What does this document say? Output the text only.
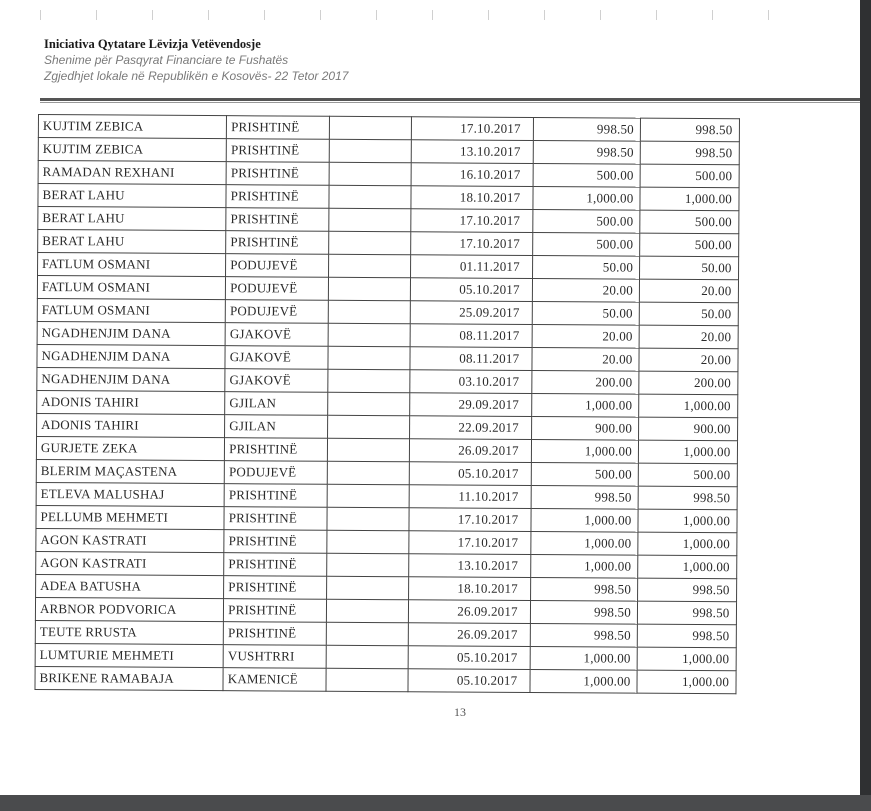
Iniciativa Qytatare Lëvizja Vetëvendosje
Shenime për Pasqyrat Financiare te Fushatës
Zgjedhjet lokale në Republikën e Kosovës- 22 Tetor 2017
KUJTIM ZEBICA	PRISHTINË		17.10.2017	998.50	998.50	
KUJTIM ZEBICA	PRISHTINË		13.10.2017	998.50	998.50	
RAMADAN REXHANI	PRISHTINË		16.10.2017	500.00	500.00	
BERAT LAHU	PRISHTINË		18.10.2017	1,000.00	1,000.00	
BERAT LAHU	PRISHTINË		17.10.2017	500.00	500.00	
BERAT LAHU	PRISHTINË		17.10.2017	500.00	500.00	
FATLUM OSMANI	PODUJEVË		01.11.2017	50.00	50.00	
FATLUM OSMANI	PODUJEVË		05.10.2017	20.00	20.00	
FATLUM OSMANI	PODUJEVË		25.09.2017	50.00	50.00	
NGADHENJIM DANA	GJAKOVË		08.11.2017	20.00	20.00	
NGADHENJIM DANA	GJAKOVË		08.11.2017	20.00	20.00	
NGADHENJIM DANA	GJAKOVË		03.10.2017	200.00	200.00	
ADONIS TAHIRI	GJILAN		29.09.2017	1,000.00	1,000.00	
ADONIS TAHIRI	GJILAN		22.09.2017	900.00	900.00	
GURJETE ZEKA	PRISHTINË		26.09.2017	1,000.00	1,000.00	
BLERIM MAÇASTENA	PODUJEVË		05.10.2017	500.00	500.00	
ETLEVA MALUSHAJ	PRISHTINË		11.10.2017	998.50	998.50	
PELLUMB MEHMETI	PRISHTINË		17.10.2017	1,000.00	1,000.00	
AGON KASTRATI	PRISHTINË		17.10.2017	1,000.00	1,000.00	
AGON KASTRATI	PRISHTINË		13.10.2017	1,000.00	1,000.00	
ADEA BATUSHA	PRISHTINË		18.10.2017	998.50	998.50	
ARBNOR PODVORICA	PRISHTINË		26.09.2017	998.50	998.50	
TEUTE RRUSTA	PRISHTINË		26.09.2017	998.50	998.50	
LUMTURIE MEHMETI	VUSHTRRI		05.10.2017	1,000.00	1,000.00	
BRIKENE RAMABAJA	KAMENICË		05.10.2017	1,000.00	1,000.00	
13
